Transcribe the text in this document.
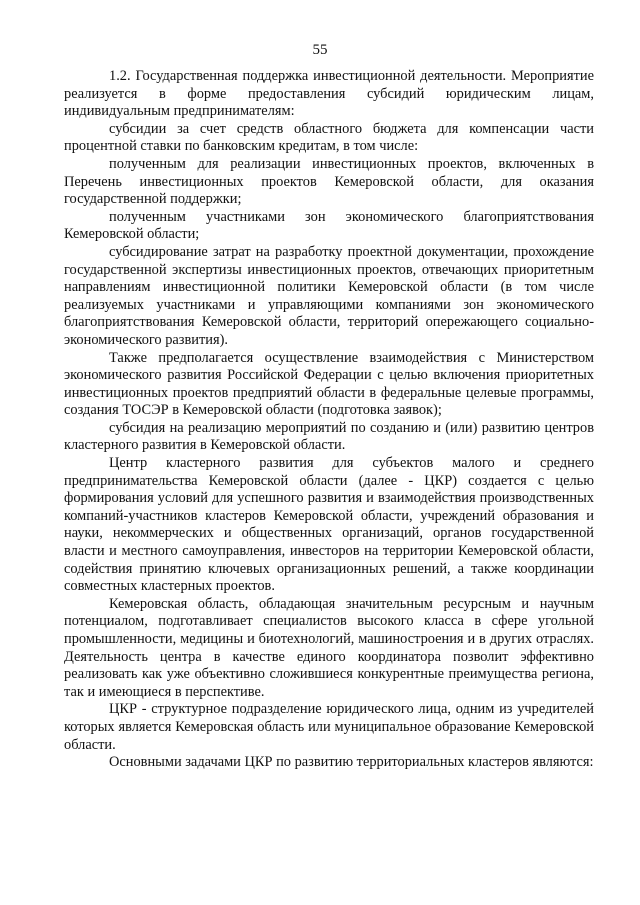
55

1.2. Государственная поддержка инвестиционной деятельности. Мероприятие реализуется в форме предоставления субсидий юридическим лицам, индивидуальным предпринимателям:

субсидии за счет средств областного бюджета для компенсации части процентной ставки по банковским кредитам, в том числе:

полученным для реализации инвестиционных проектов, включенных в Перечень инвестиционных проектов Кемеровской области, для оказания государственной поддержки;

полученным участниками зон экономического благоприятствования Кемеровской области;

субсидирование затрат на разработку проектной документации, прохождение государственной экспертизы инвестиционных проектов, отвечающих приоритетным направлениям инвестиционной политики Кемеровской области (в том числе реализуемых участниками и управляющими компаниями зон экономического благоприятствования Кемеровской области, территорий опережающего социально-экономического развития).

Также предполагается осуществление взаимодействия с Министерством экономического развития Российской Федерации с целью включения приоритетных инвестиционных проектов предприятий области в федеральные целевые программы, создания ТОСЭР в Кемеровской области (подготовка заявок);

субсидия на реализацию мероприятий по созданию и (или) развитию центров кластерного развития в Кемеровской области.

Центр кластерного развития для субъектов малого и среднего предпринимательства Кемеровской области (далее - ЦКР) создается с целью формирования условий для успешного развития и взаимодействия производственных компаний-участников кластеров Кемеровской области, учреждений образования и науки, некоммерческих и общественных организаций, органов государственной власти и местного самоуправления, инвесторов на территории Кемеровской области, содействия принятию ключевых организационных решений, а также координации совместных кластерных проектов.

Кемеровская область, обладающая значительным ресурсным и научным потенциалом, подготавливает специалистов высокого класса в сфере угольной промышленности, медицины и биотехнологий, машиностроения и в других отраслях. Деятельность центра в качестве единого координатора позволит эффективно реализовать как уже объективно сложившиеся конкурентные преимущества региона, так и имеющиеся в перспективе.

ЦКР - структурное подразделение юридического лица, одним из учредителей которых является Кемеровская область или муниципальное образование Кемеровской области.

Основными задачами ЦКР по развитию территориальных кластеров являются:
